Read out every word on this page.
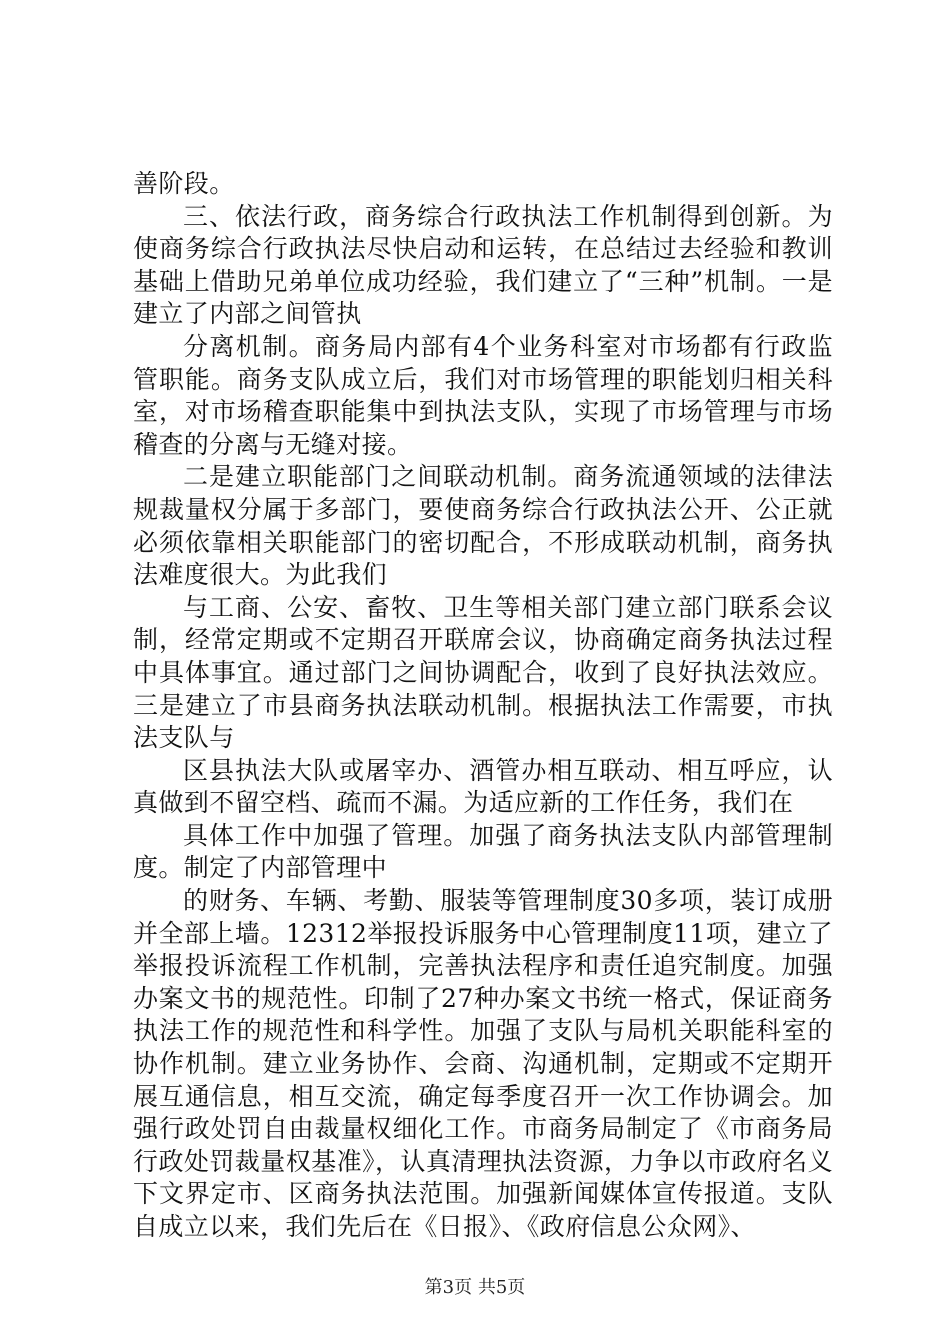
善阶段。

三、依法行政，商务综合行政执法工作机制得到创新。为使商务综合行政执法尽快启动和运转，在总结过去经验和教训基础上借助兄弟单位成功经验，我们建立了“三种”机制。一是建立了内部之间管执

分离机制。商务局内部有4个业务科室对市场都有行政监管职能。商务支队成立后，我们对市场管理的职能划归相关科室，对市场稽查职能集中到执法支队，实现了市场管理与市场稽查的分离与无缝对接。

二是建立职能部门之间联动机制。商务流通领域的法律法规裁量权分属于多部门，要使商务综合行政执法公开、公正就必须依靠相关职能部门的密切配合，不形成联动机制，商务执法难度很大。为此我们

与工商、公安、畜牧、卫生等相关部门建立部门联系会议制，经常定期或不定期召开联席会议，协商确定商务执法过程中具体事宜。通过部门之间协调配合，收到了良好执法效应。三是建立了市县商务执法联动机制。根据执法工作需要，市执法支队与

区县执法大队或屠宰办、酒管办相互联动、相互呼应，认真做到不留空档、疏而不漏。为适应新的工作任务，我们在

具体工作中加强了管理。加强了商务执法支队内部管理制度。制定了内部管理中

的财务、车辆、考勤、服装等管理制度30多项，装订成册并全部上墙。12312举报投诉服务中心管理制度11项，建立了举报投诉流程工作机制，完善执法程序和责任追究制度。加强办案文书的规范性。印制了27种办案文书统一格式，保证商务执法工作的规范性和科学性。加强了支队与局机关职能科室的协作机制。建立业务协作、会商、沟通机制，定期或不定期开展互通信息，相互交流，确定每季度召开一次工作协调会。加强行政处罚自由裁量权细化工作。市商务局制定了《市商务局行政处罚裁量权基准》，认真清理执法资源，力争以市政府名义下文界定市、区商务执法范围。加强新闻媒体宣传报道。支队自成立以来，我们先后在《日报》、《政府信息公众网》、

第3页 共5页
